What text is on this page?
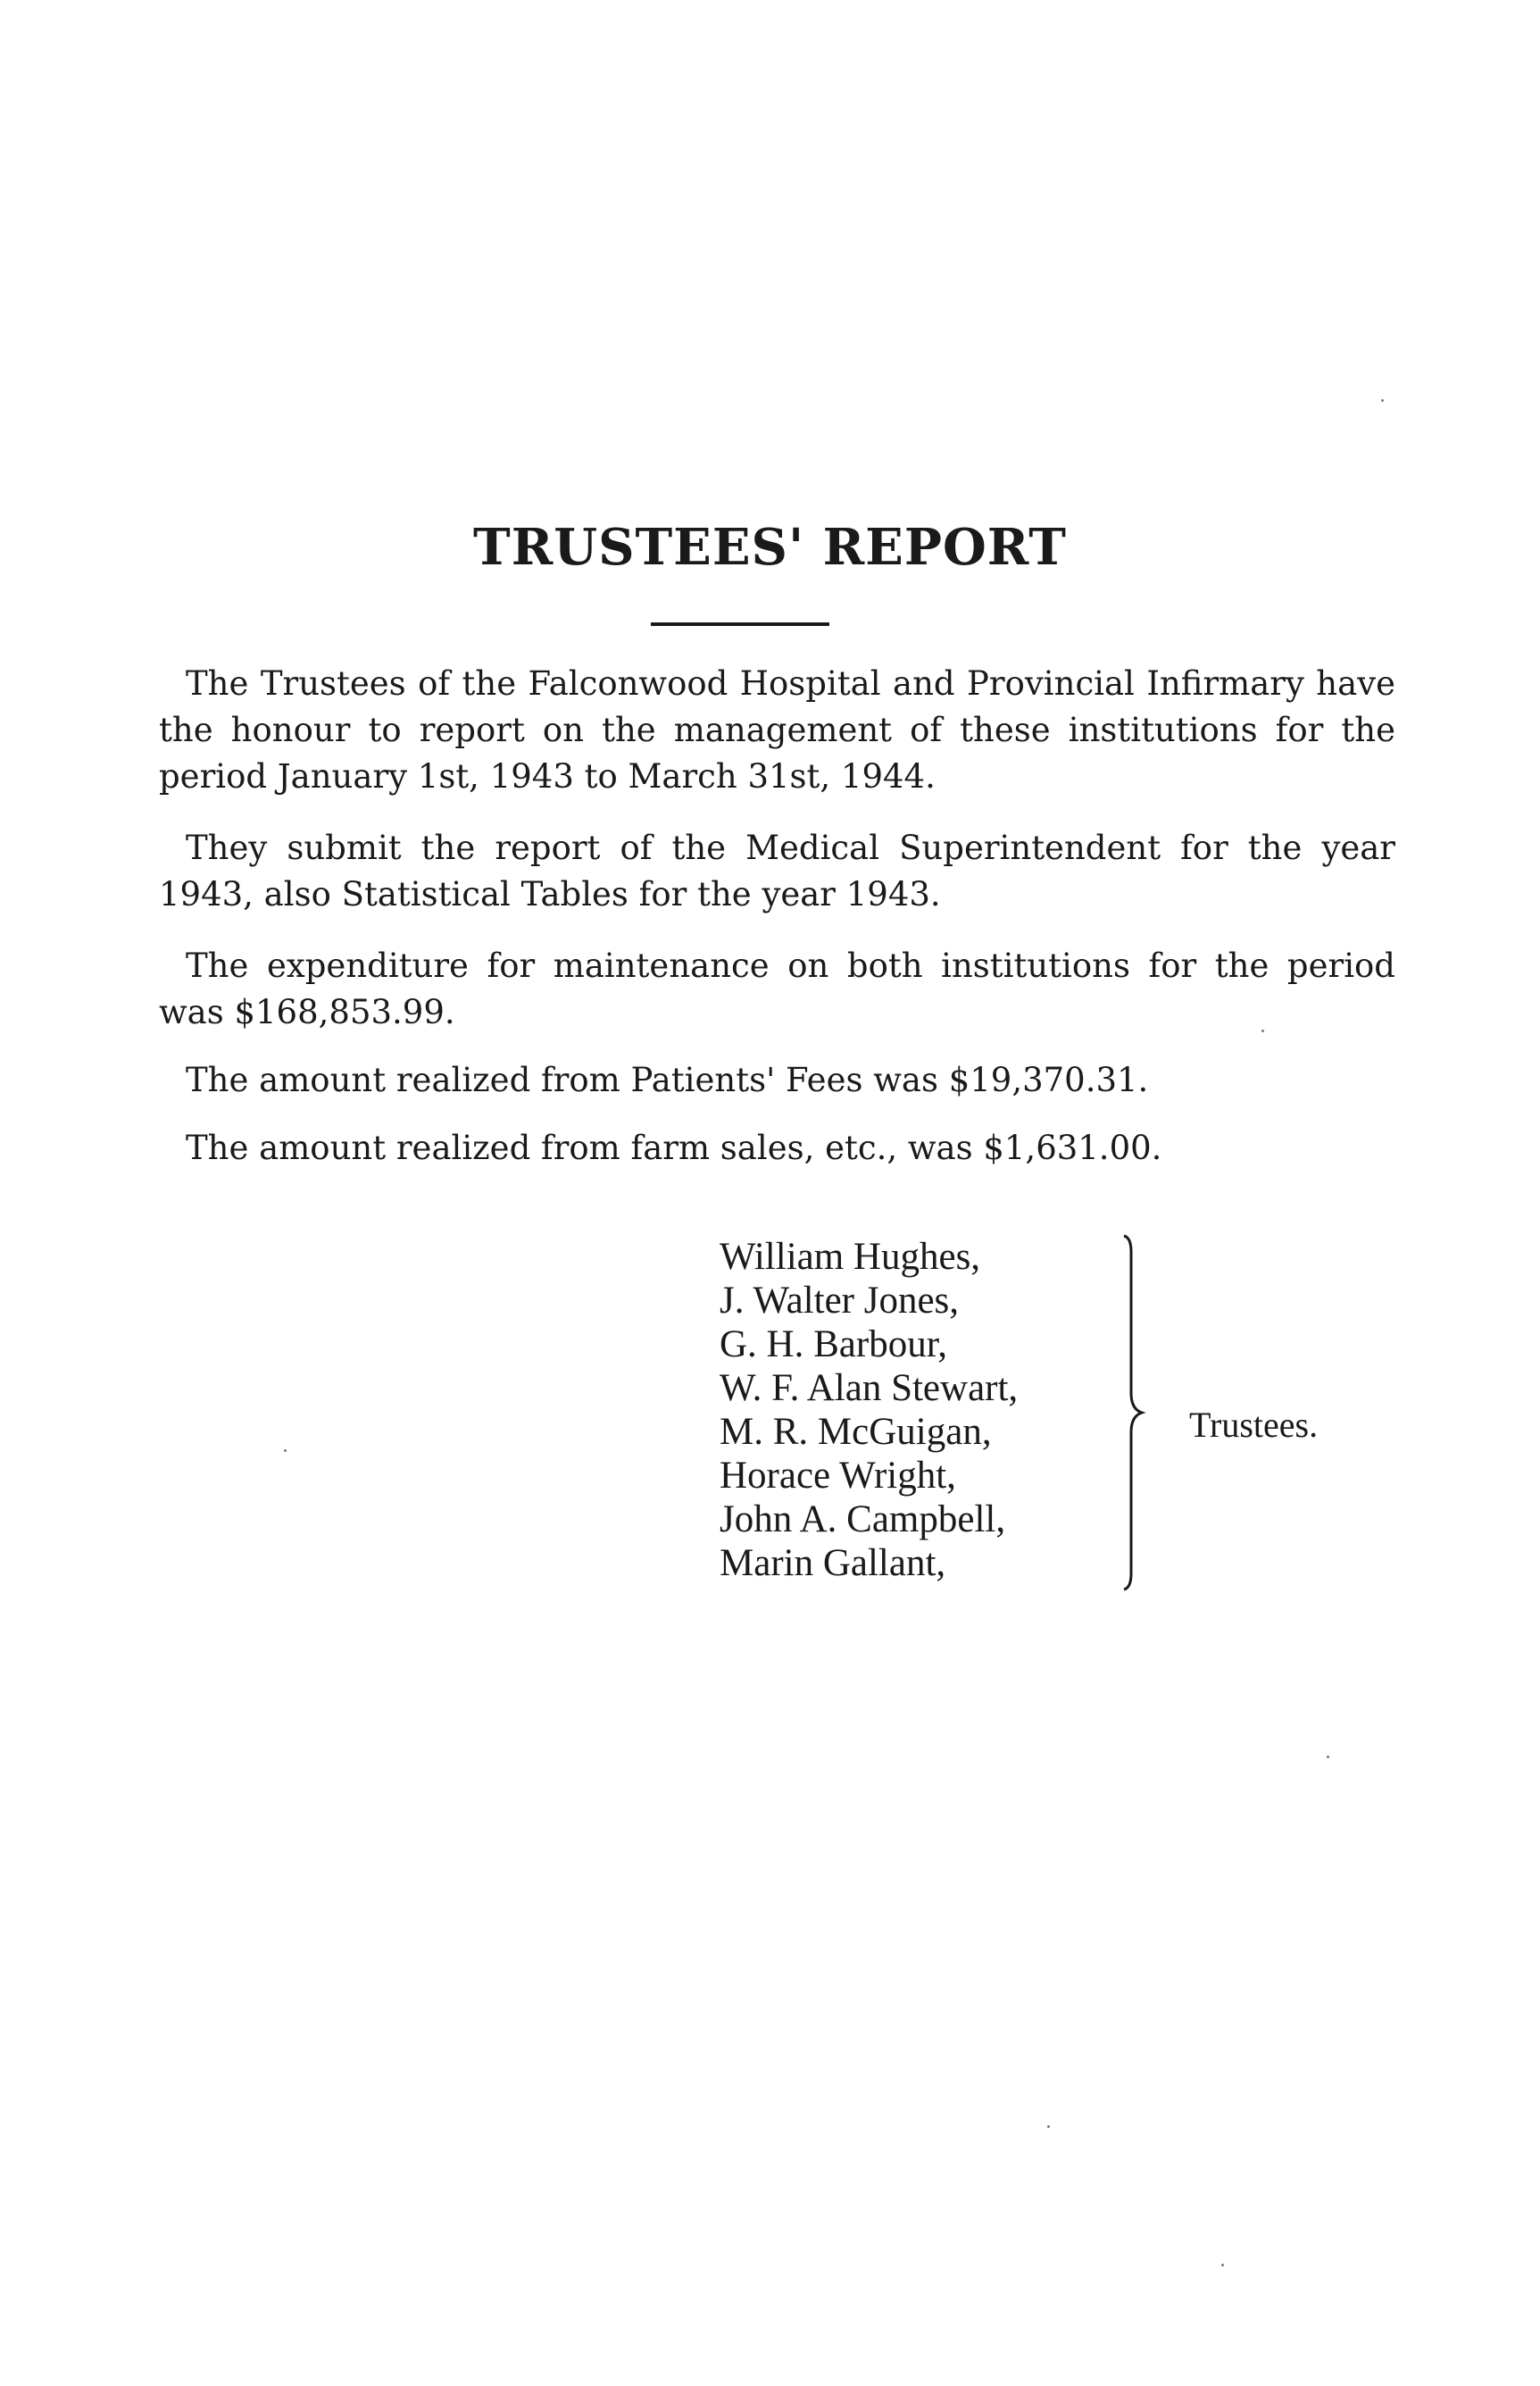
TRUSTEES' REPORT

The Trustees of the Falconwood Hospital and Provincial Infirmary have the honour to report on the management of these institutions for the period January 1st, 1943 to March 31st, 1944.

They submit the report of the Medical Superintendent for the year 1943, also Statistical Tables for the year 1943.

The expenditure for maintenance on both institutions for the period was $168,853.99.

The amount realized from Patients' Fees was $19,370.31.

The amount realized from farm sales, etc., was $1,631.00.

William Hughes,
J. Walter Jones,
G. H. Barbour,
W. F. Alan Stewart,
M. R. McGuigan,
Horace Wright,
John A. Campbell,
Marin Gallant,
Trustees.
